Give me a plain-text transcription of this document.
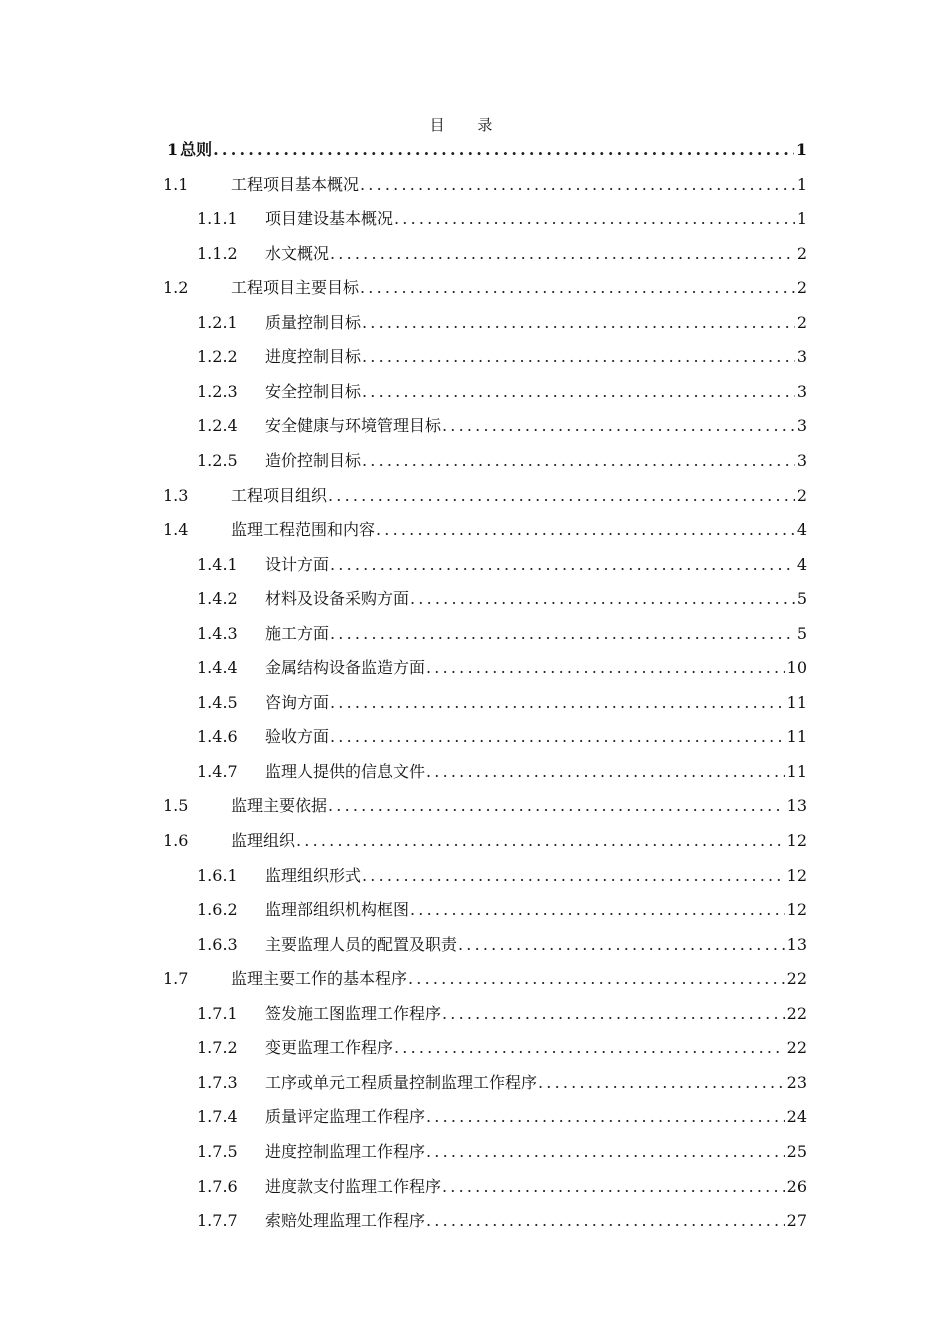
目 录
1 总则 .....	1
1.1	工程项目基本概况 .....	1
1.1.1	项目建设基本概况 .....	1
1.1.2	水文概况 .....	2
1.2	工程项目主要目标 .....	2
1.2.1	质量控制目标 .....	2
1.2.2	进度控制目标 .....	3
1.2.3	安全控制目标 .....	3
1.2.4	安全健康与环境管理目标 .....	3
1.2.5	造价控制目标 .....	3
1.3	工程项目组织 .....	2
1.4	监理工程范围和内容 .....	4
1.4.1	设计方面 .....	4
1.4.2	材料及设备采购方面 .....	5
1.4.3	施工方面 .....	5
1.4.4	金属结构设备监造方面 .....	10
1.4.5	咨询方面 .....	11
1.4.6	验收方面 .....	11
1.4.7	监理人提供的信息文件 .....	11
1.5	监理主要依据 .....	13
1.6	监理组织 .....	12
1.6.1	监理组织形式 .....	12
1.6.2	监理部组织机构框图 .....	12
1.6.3	主要监理人员的配置及职责 .....	13
1.7	监理主要工作的基本程序 .....	22
1.7.1	签发施工图监理工作程序 .....	22
1.7.2	变更监理工作程序 .....	22
1.7.3	工序或单元工程质量控制监理工作程序 .....	23
1.7.4	质量评定监理工作程序 .....	24
1.7.5	进度控制监理工作程序 .....	25
1.7.6	进度款支付监理工作程序 .....	26
1.7.7	索赔处理监理工作程序 .....	27
